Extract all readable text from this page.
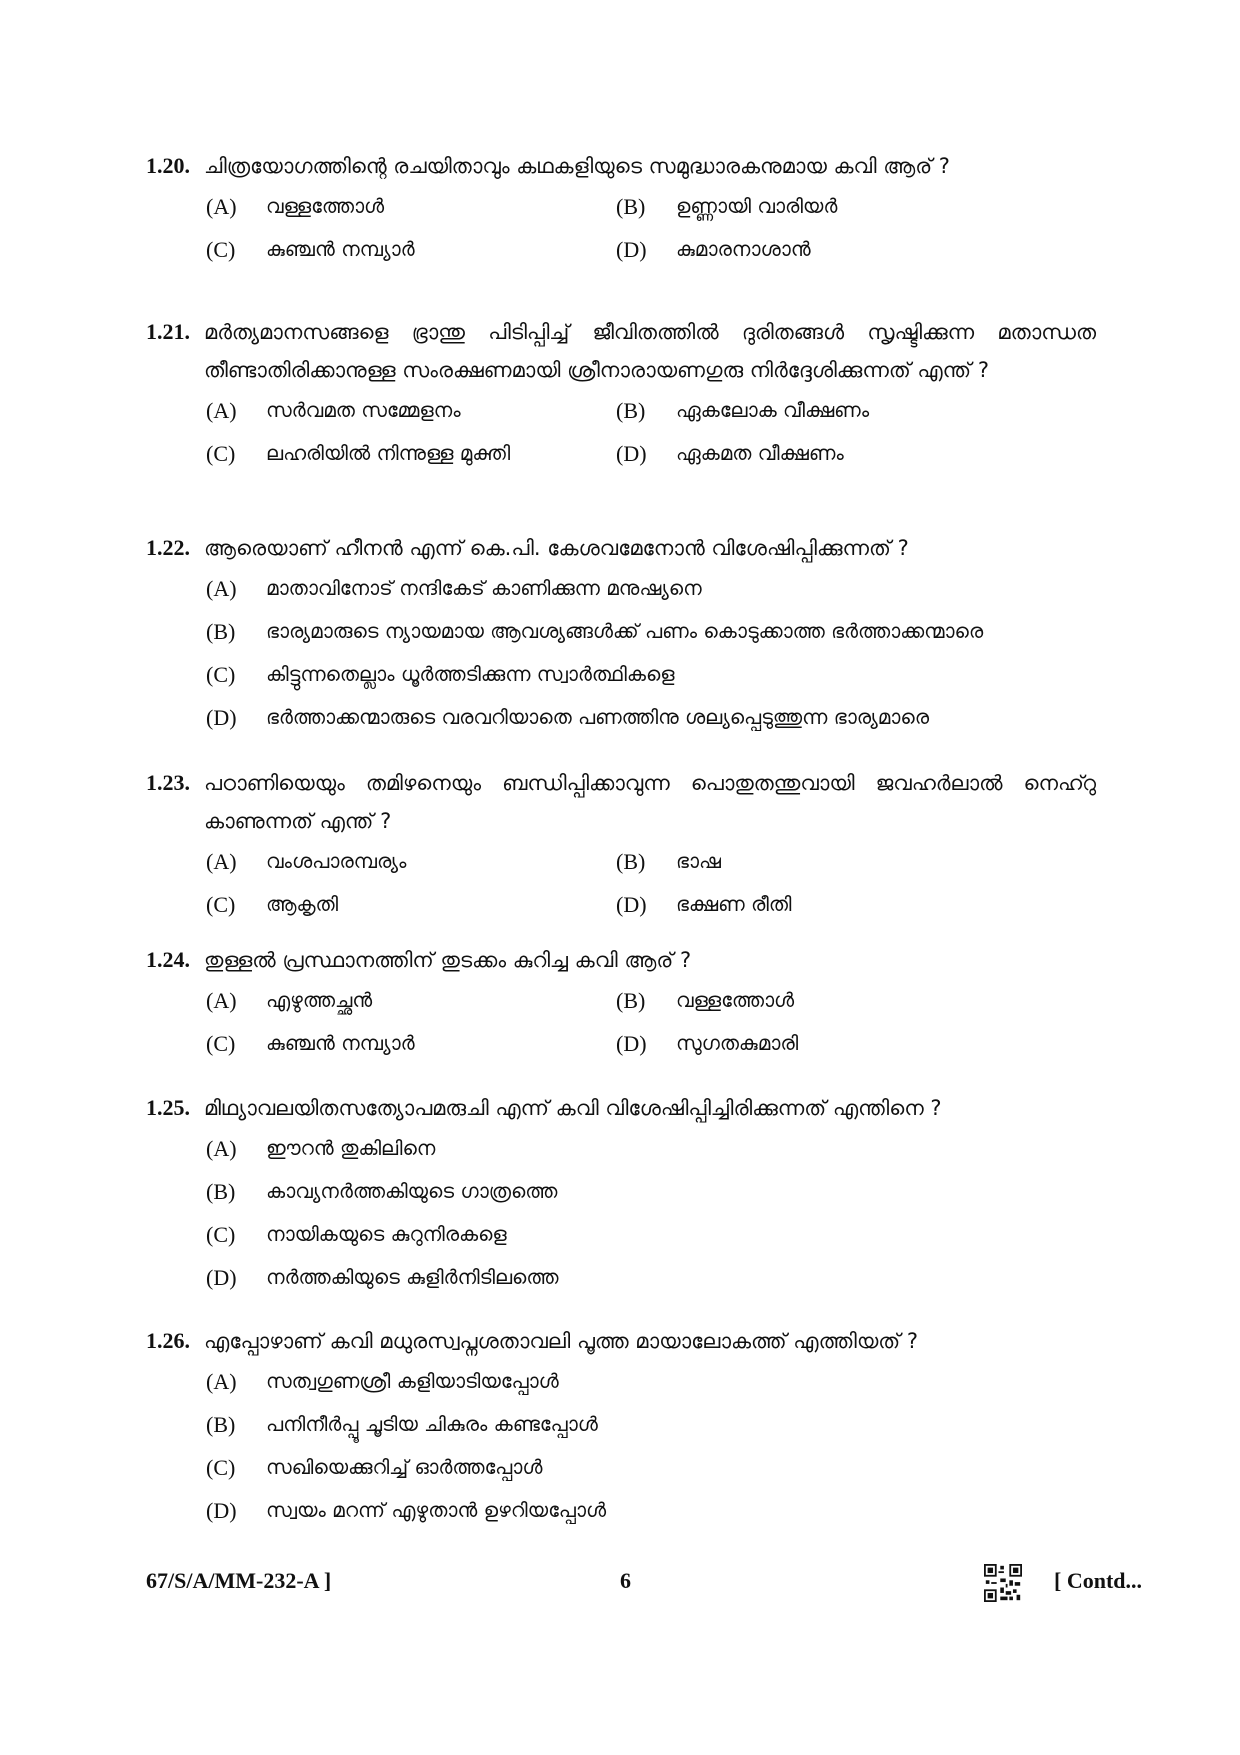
1.20. ചിത്രയോഗത്തിന്റെ രചയിതാവും കഥകളിയുടെ സമുദ്ധാരകനുമായ കവി ആര് ?
(A)	വള്ളത്തോൾ	(B)	ഉണ്ണായി വാരിയർ
(C)	കുഞ്ചൻ നമ്പ്യാർ	(D)	കുമാരനാശാൻ
1.21. മർത്യമാനസങ്ങളെ ഭ്രാന്തു പിടിപ്പിച്ച് ജീവിതത്തിൽ ദുരിതങ്ങൾ സൃഷ്ടിക്കുന്ന മതാന്ധത തീണ്ടാതിരിക്കാനുള്ള സംരക്ഷണമായി ശ്രീനാരായണഗുരു നിർദ്ദേശിക്കുന്നത് എന്ത് ?
(A)	സർവമത സമ്മേളനം	(B)	ഏകലോക വീക്ഷണം
(C)	ലഹരിയിൽ നിന്നുള്ള മുക്തി	(D)	ഏകമത വീക്ഷണം
1.22. ആരെയാണ് ഹീനൻ എന്ന് കെ.പി. കേശവമേനോൻ വിശേഷിപ്പിക്കുന്നത് ?
(A)	മാതാവിനോട് നന്ദികേട് കാണിക്കുന്ന മനുഷ്യനെ
(B)	ഭാര്യമാരുടെ ന്യായമായ ആവശ്യങ്ങൾക്ക് പണം കൊടുക്കാത്ത ഭർത്താക്കന്മാരെ
(C)	കിട്ടുന്നതെല്ലാം ധൂർത്തടിക്കുന്ന സ്വാർത്ഥികളെ
(D)	ഭർത്താക്കന്മാരുടെ വരവറിയാതെ പണത്തിനു ശല്യപ്പെടുത്തുന്ന ഭാര്യമാരെ
1.23. പഠാണിയെയും തമിഴനെയും ബന്ധിപ്പിക്കാവുന്ന പൊതുതന്തുവായി ജവഹർലാൽ നെഹ്റു കാണുന്നത് എന്ത് ?
(A)	വംശപാരമ്പര്യം	(B)	ഭാഷ
(C)	ആകൃതി	(D)	ഭക്ഷണ രീതി
1.24. തുള്ളൽ പ്രസ്ഥാനത്തിന് തുടക്കം കുറിച്ച കവി ആര് ?
(A)	എഴുത്തച്ഛൻ	(B)	വള്ളത്തോൾ
(C)	കുഞ്ചൻ നമ്പ്യാർ	(D)	സുഗതകുമാരി
1.25. മിഥ്യാവലയിതസത്യോപമരുചി എന്ന് കവി വിശേഷിപ്പിച്ചിരിക്കുന്നത് എന്തിനെ ?
(A)	ഈറൻ തുകിലിനെ
(B)	കാവ്യനർത്തകിയുടെ ഗാത്രത്തെ
(C)	നായികയുടെ കുറുനിരകളെ
(D)	നർത്തകിയുടെ കുളിർനിടിലത്തെ
1.26. എപ്പോഴാണ് കവി മധുരസ്വപ്നശതാവലി പൂത്ത മായാലോകത്ത് എത്തിയത് ?
(A)	സത്വഗുണശ്രീ കളിയാടിയപ്പോൾ
(B)	പനിനീർപ്പൂ ചൂടിയ ചികുരം കണ്ടപ്പോൾ
(C)	സഖിയെക്കുറിച്ച് ഓർത്തപ്പോൾ
(D)	സ്വയം മറന്ന് എഴുതാൻ ഉഴറിയപ്പോൾ
67/S/A/MM-232-A ]	6	[ Contd...
